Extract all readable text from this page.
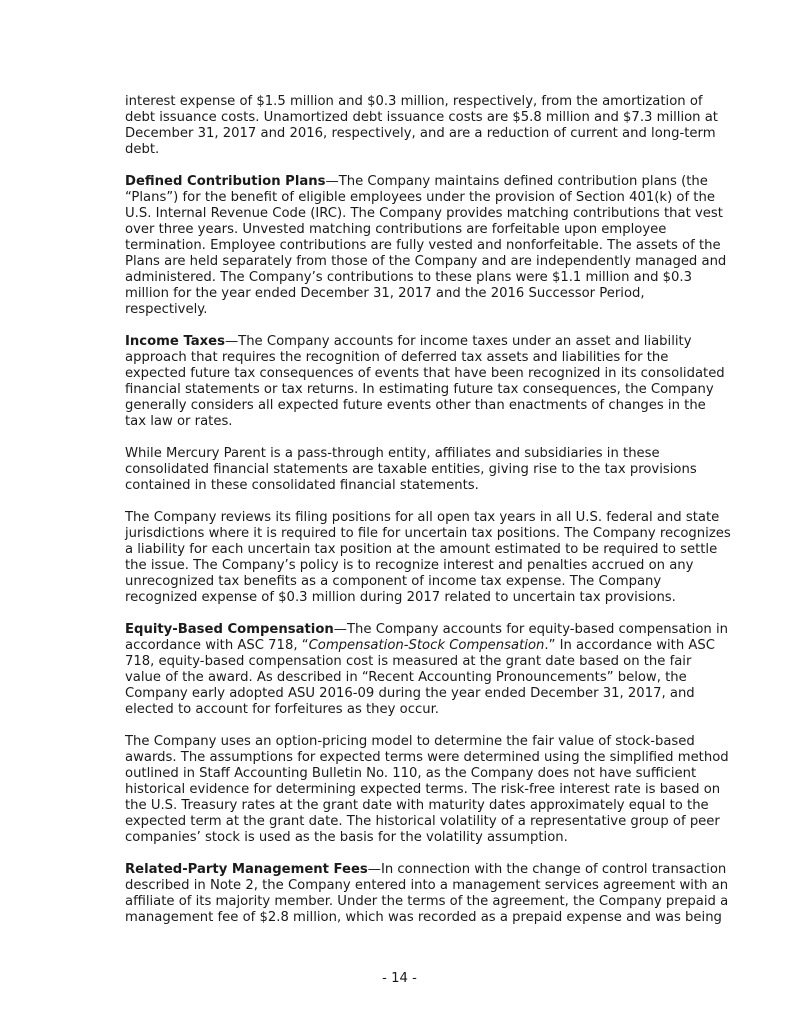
interest expense of $1.5 million and $0.3 million, respectively, from the amortization of debt issuance costs. Unamortized debt issuance costs are $5.8 million and $7.3 million at December 31, 2017 and 2016, respectively, and are a reduction of current and long-term debt.

Defined Contribution Plans—The Company maintains defined contribution plans (the “Plans”) for the benefit of eligible employees under the provision of Section 401(k) of the U.S. Internal Revenue Code (IRC). The Company provides matching contributions that vest over three years. Unvested matching contributions are forfeitable upon employee termination. Employee contributions are fully vested and nonforfeitable. The assets of the Plans are held separately from those of the Company and are independently managed and administered. The Company’s contributions to these plans were $1.1 million and $0.3 million for the year ended December 31, 2017 and the 2016 Successor Period, respectively.

Income Taxes—The Company accounts for income taxes under an asset and liability approach that requires the recognition of deferred tax assets and liabilities for the expected future tax consequences of events that have been recognized in its consolidated financial statements or tax returns. In estimating future tax consequences, the Company generally considers all expected future events other than enactments of changes in the tax law or rates.

While Mercury Parent is a pass-through entity, affiliates and subsidiaries in these consolidated financial statements are taxable entities, giving rise to the tax provisions contained in these consolidated financial statements.

The Company reviews its filing positions for all open tax years in all U.S. federal and state jurisdictions where it is required to file for uncertain tax positions. The Company recognizes a liability for each uncertain tax position at the amount estimated to be required to settle the issue. The Company’s policy is to recognize interest and penalties accrued on any unrecognized tax benefits as a component of income tax expense. The Company recognized expense of $0.3 million during 2017 related to uncertain tax provisions.

Equity-Based Compensation—The Company accounts for equity-based compensation in accordance with ASC 718, “Compensation-Stock Compensation.” In accordance with ASC 718, equity-based compensation cost is measured at the grant date based on the fair value of the award. As described in “Recent Accounting Pronouncements” below, the Company early adopted ASU 2016-09 during the year ended December 31, 2017, and elected to account for forfeitures as they occur.

The Company uses an option-pricing model to determine the fair value of stock-based awards. The assumptions for expected terms were determined using the simplified method outlined in Staff Accounting Bulletin No. 110, as the Company does not have sufficient historical evidence for determining expected terms. The risk-free interest rate is based on the U.S. Treasury rates at the grant date with maturity dates approximately equal to the expected term at the grant date. The historical volatility of a representative group of peer companies’ stock is used as the basis for the volatility assumption.

Related-Party Management Fees—In connection with the change of control transaction described in Note 2, the Company entered into a management services agreement with an affiliate of its majority member. Under the terms of the agreement, the Company prepaid a management fee of $2.8 million, which was recorded as a prepaid expense and was being

- 14 -
